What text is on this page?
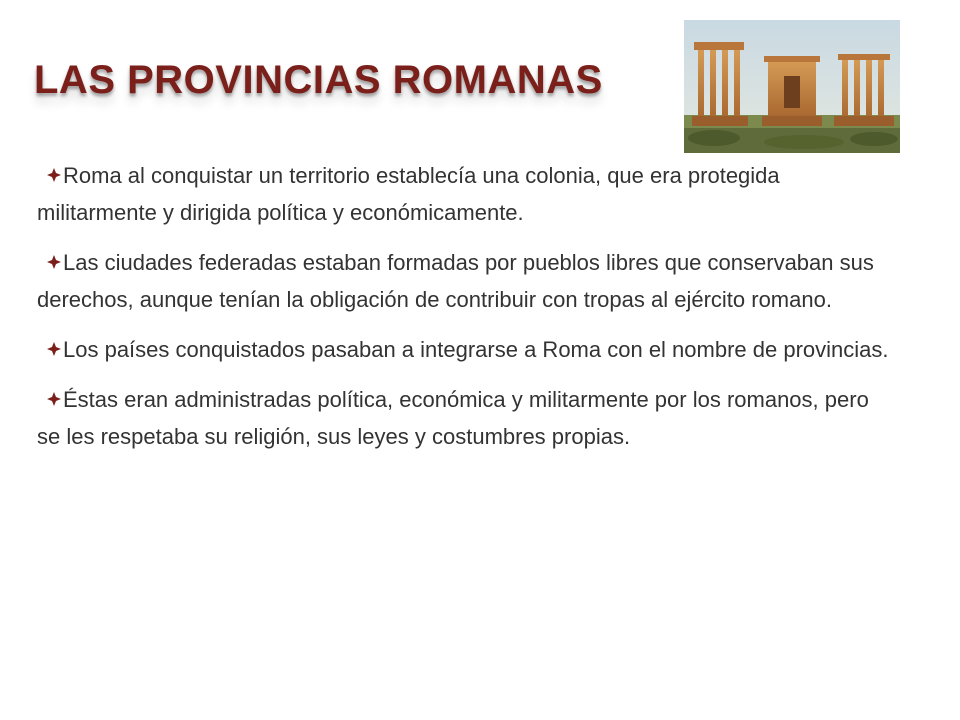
LAS PROVINCIAS ROMANAS

Roma al conquistar un territorio establecía una colonia, que era protegida militarmente y dirigida política y económicamente.

Las ciudades federadas estaban formadas por pueblos libres que conservaban sus derechos, aunque tenían la obligación de contribuir con tropas al ejército romano.

Los países conquistados pasaban a integrarse a Roma con el nombre de provincias.

Éstas eran administradas política, económica y militarmente por los romanos, pero se les respetaba su religión, sus leyes y costumbres propias.
